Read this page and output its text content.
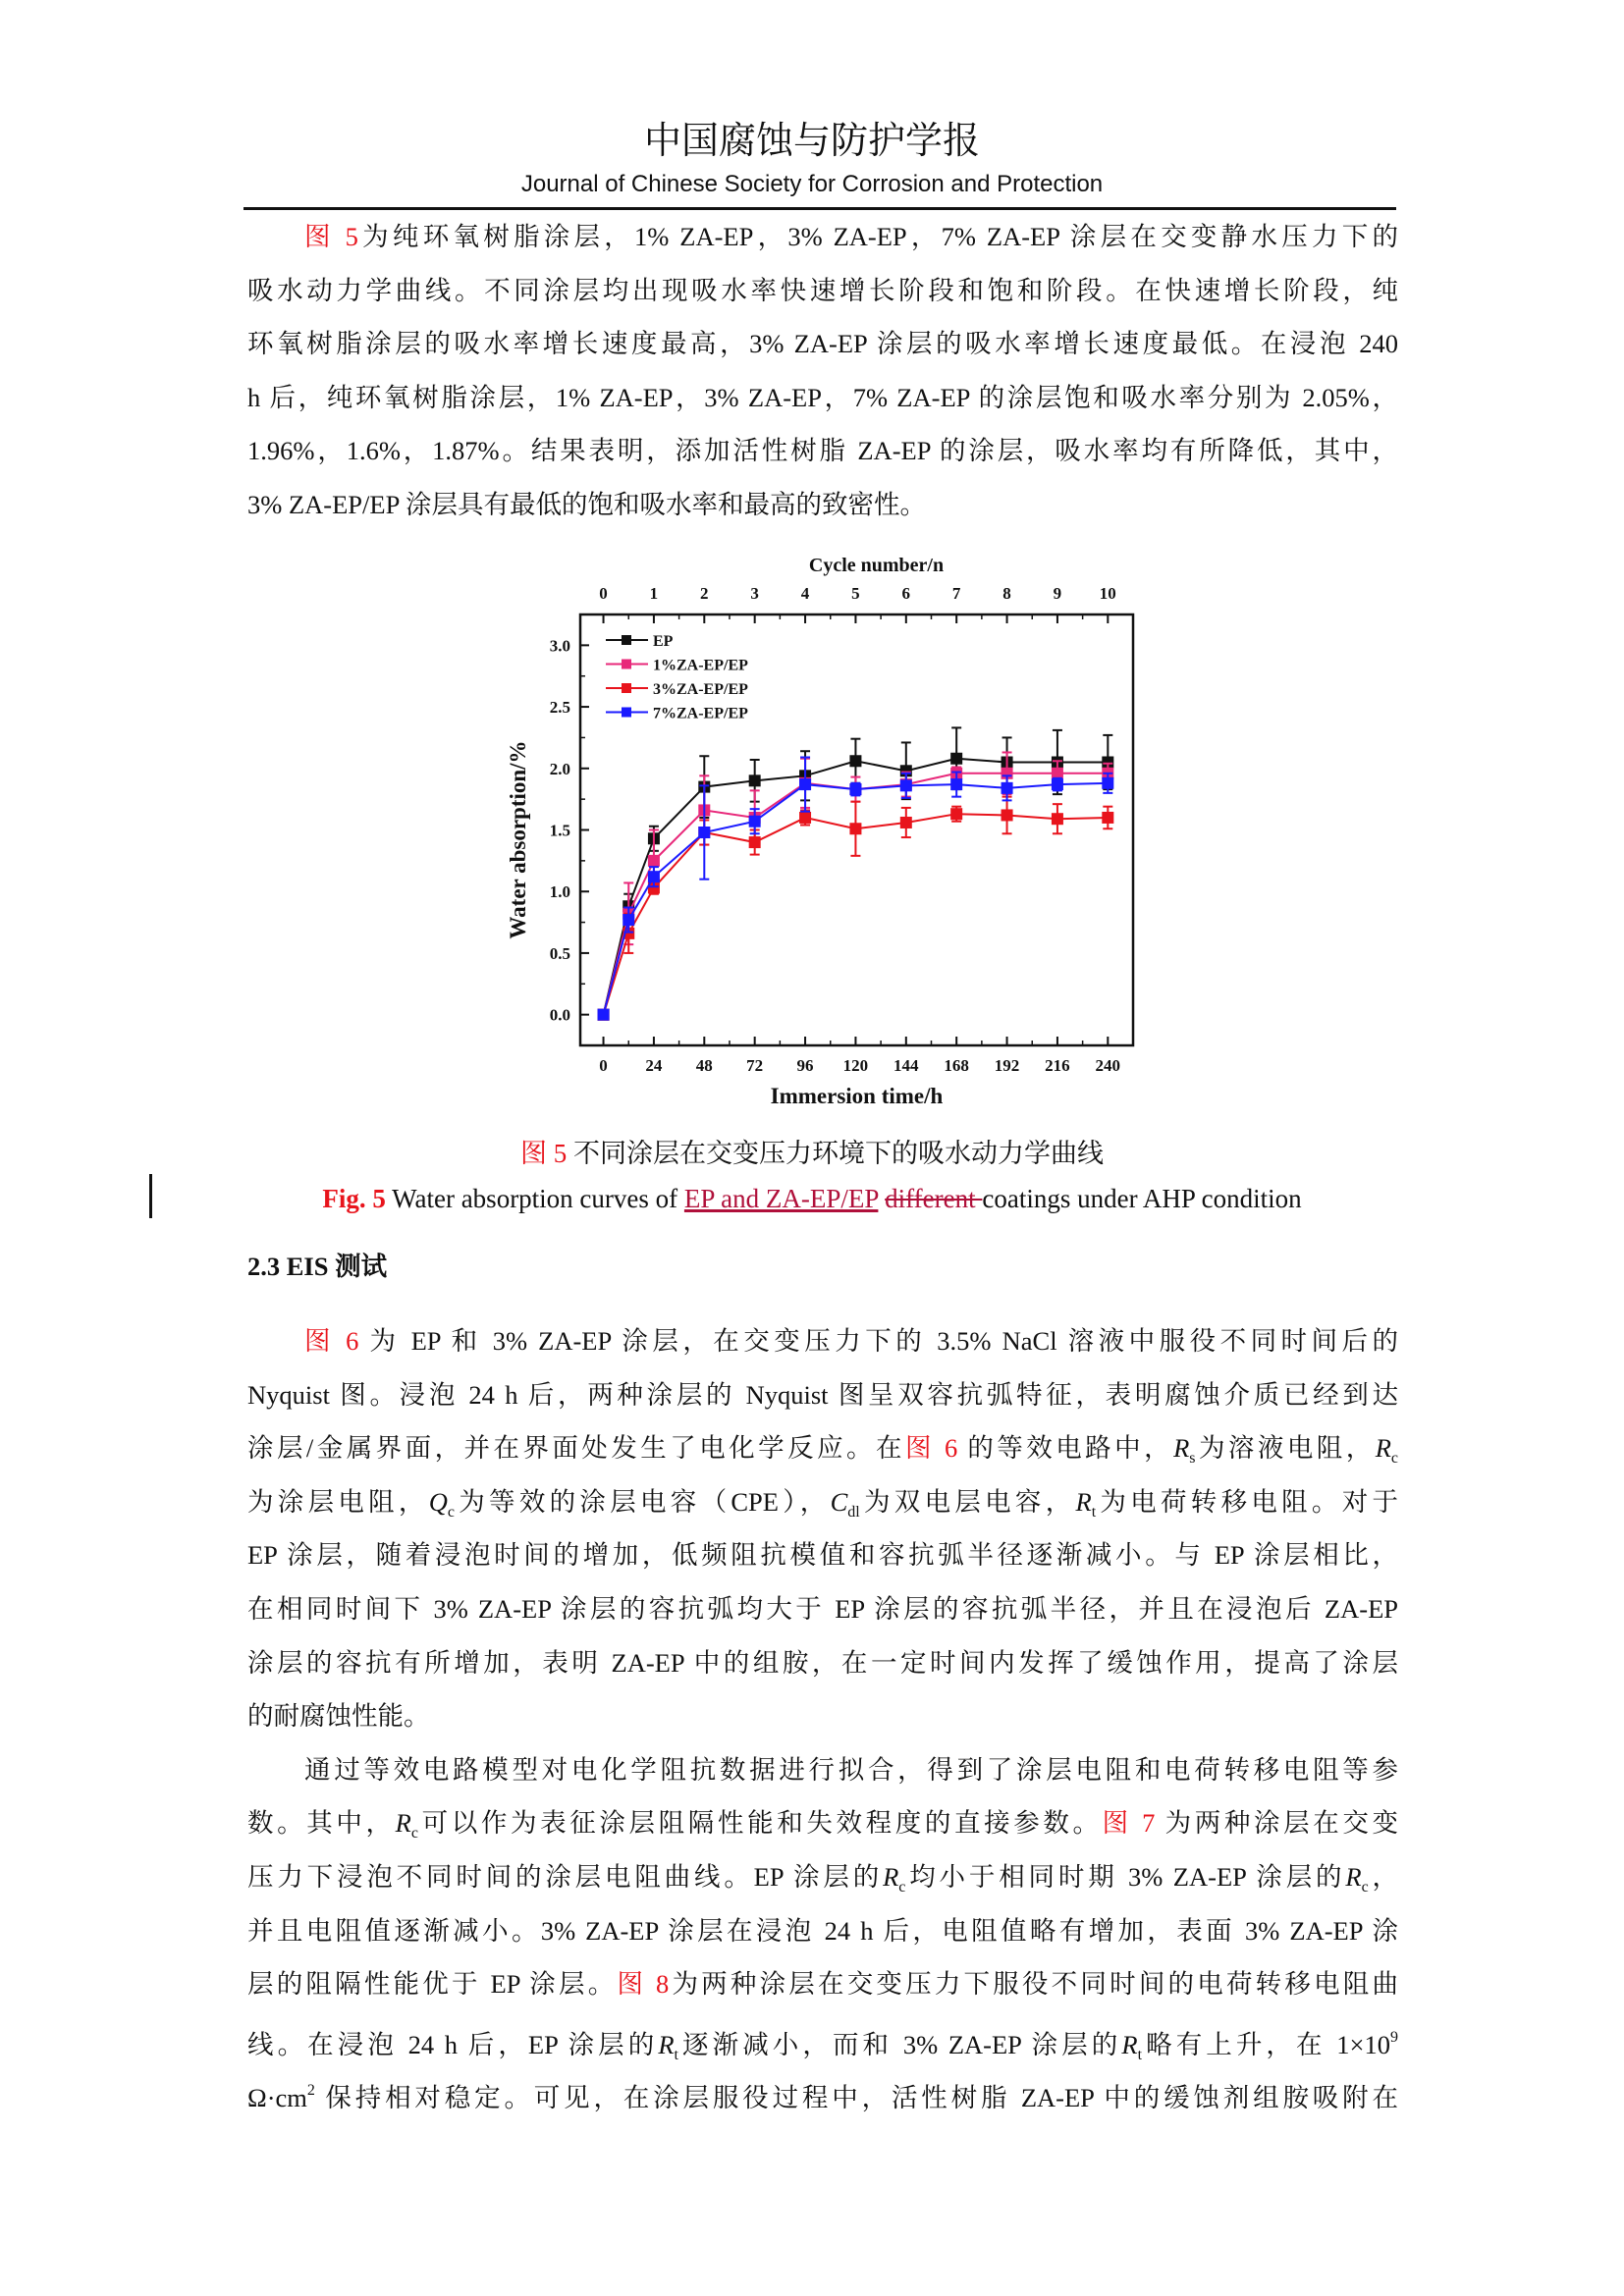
中国腐蚀与防护学报
Journal of Chinese Society for Corrosion and Protection
图 5为纯环氧树脂涂层，1% ZA-EP，3% ZA-EP，7% ZA-EP 涂层在交变静水压力下的
吸水动力学曲线。不同涂层均出现吸水率快速增长阶段和饱和阶段。在快速增长阶段，纯
环氧树脂涂层的吸水率增长速度最高，3% ZA-EP 涂层的吸水率增长速度最低。在浸泡 240
h 后，纯环氧树脂涂层，1% ZA-EP，3% ZA-EP，7% ZA-EP 的涂层饱和吸水率分别为 2.05%，
1.96%，1.6%，1.87%。结果表明，添加活性树脂 ZA-EP 的涂层，吸水率均有所降低，其中，
3% ZA-EP/EP 涂层具有最低的饱和吸水率和最高的致密性。
0
0
24
1
48
2
72
3
96
4
120
5
144
6
168
7
192
8
216
9
240
10
0.0
0.5
1.0
1.5
2.0
2.5
3.0
Immersion time/h
Cycle number/n
Water absorption/%
EP
1%ZA-EP/EP
3%ZA-EP/EP
7%ZA-EP/EP
图 5 不同涂层在交变压力环境下的吸水动力学曲线
Fig. 5 Water absorption curves of EP and ZA-EP/EP different coatings under AHP condition
2.3 EIS 测试
图 6 为 EP 和 3% ZA-EP 涂层，在交变压力下的 3.5% NaCl 溶液中服役不同时间后的
Nyquist 图。浸泡 24 h 后，两种涂层的 Nyquist 图呈双容抗弧特征，表明腐蚀介质已经到达
涂层/金属界面，并在界面处发生了电化学反应。在图 6 的等效电路中，$R_s$为溶液电阻，$R_c$
为涂层电阻，$Q_c$为等效的涂层电容（CPE），$C_{dl}$为双电层电容，$R_t$为电荷转移电阻。对于
EP 涂层，随着浸泡时间的增加，低频阻抗模值和容抗弧半径逐渐减小。与 EP 涂层相比，
在相同时间下 3% ZA-EP 涂层的容抗弧均大于 EP 涂层的容抗弧半径，并且在浸泡后 ZA-EP
涂层的容抗有所增加，表明 ZA-EP 中的组胺，在一定时间内发挥了缓蚀作用，提高了涂层
的耐腐蚀性能。
通过等效电路模型对电化学阻抗数据进行拟合，得到了涂层电阻和电荷转移电阻等参
数。其中，$R_c$可以作为表征涂层阻隔性能和失效程度的直接参数。图 7 为两种涂层在交变
压力下浸泡不同时间的涂层电阻曲线。EP 涂层的$R_c$均小于相同时期 3% ZA-EP 涂层的$R_c$，
并且电阻值逐渐减小。3% ZA-EP 涂层在浸泡 24 h 后，电阻值略有增加，表面 3% ZA-EP 涂
层的阻隔性能优于 EP 涂层。图 8为两种涂层在交变压力下服役不同时间的电荷转移电阻曲
线。在浸泡 24 h 后，EP 涂层的$R_t$逐渐减小，而和 3% ZA-EP 涂层的$R_t$略有上升，在 $1\times 10^9$
$\Omega\cdot cm^2$ 保持相对稳定。可见，在涂层服役过程中，活性树脂 ZA-EP 中的缓蚀剂组胺吸附在
